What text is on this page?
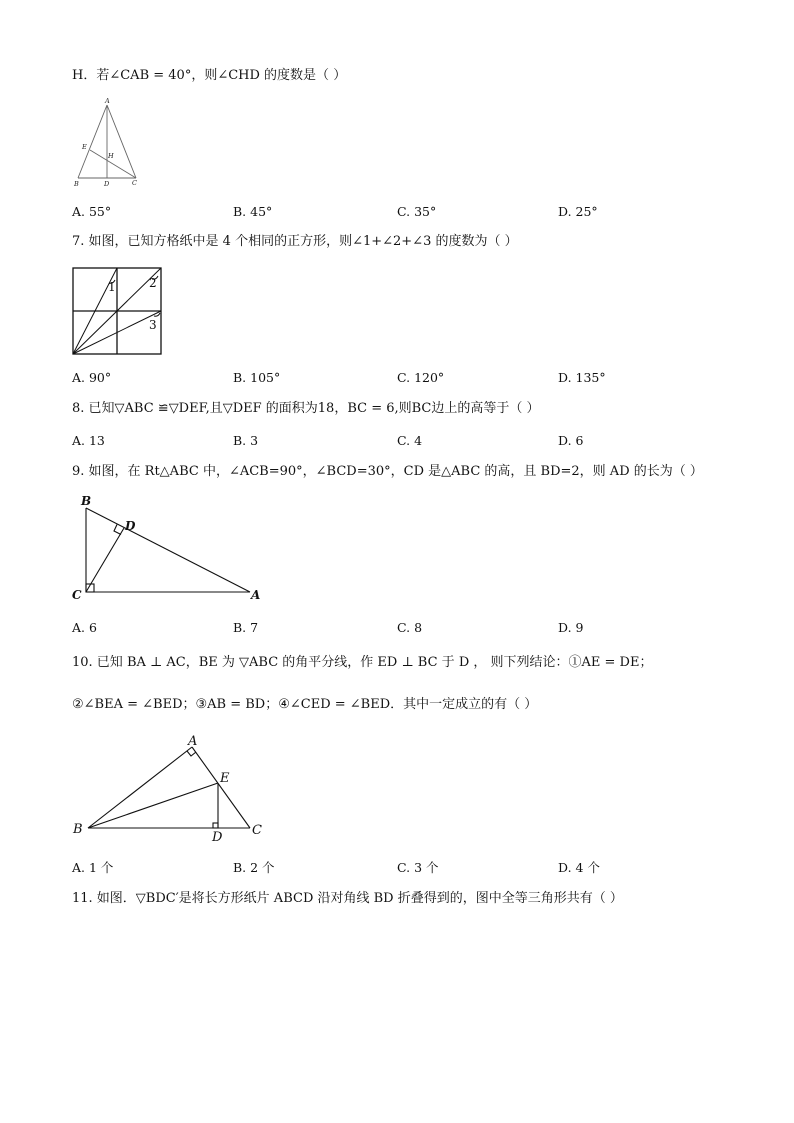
H．若∠CAB = 40°，则∠CHD 的度数是（ ）
A
E
H
B	D	C
A. 55°	B. 45°	C. 35°	D. 25°
7. 如图，已知方格纸中是 4 个相同的正方形，则∠1+∠2+∠3 的度数为（ ）
1	2
3
A. 90°	B. 105°	C. 120°	D. 135°
8. 已知▽ABC ≌▽DEF,且▽DEF 的面积为18，BC = 6,则BC边上的高等于（ ）
A. 13	B. 3	C. 4	D. 6
9. 如图，在 Rt△ABC 中，∠ACB=90°，∠BCD=30°，CD 是△ABC 的高，且 BD=2，则 AD 的长为（ ）
B
D
C	A
A. 6	B. 7	C. 8	D. 9
10. 已知 BA ⊥ AC，BE 为 ▽ABC 的角平分线，作 ED ⊥ BC 于 D ， 则下列结论：①AE = DE；
②∠BEA = ∠BED；③AB = BD；④∠CED = ∠BED．其中一定成立的有（ ）
A
E
B
D C
A. 1 个	B. 2 个	C. 3 个	D. 4 个
11. 如图．▽BDC′是将长方形纸片 ABCD 沿对角线 BD 折叠得到的，图中全等三角形共有（ ）
